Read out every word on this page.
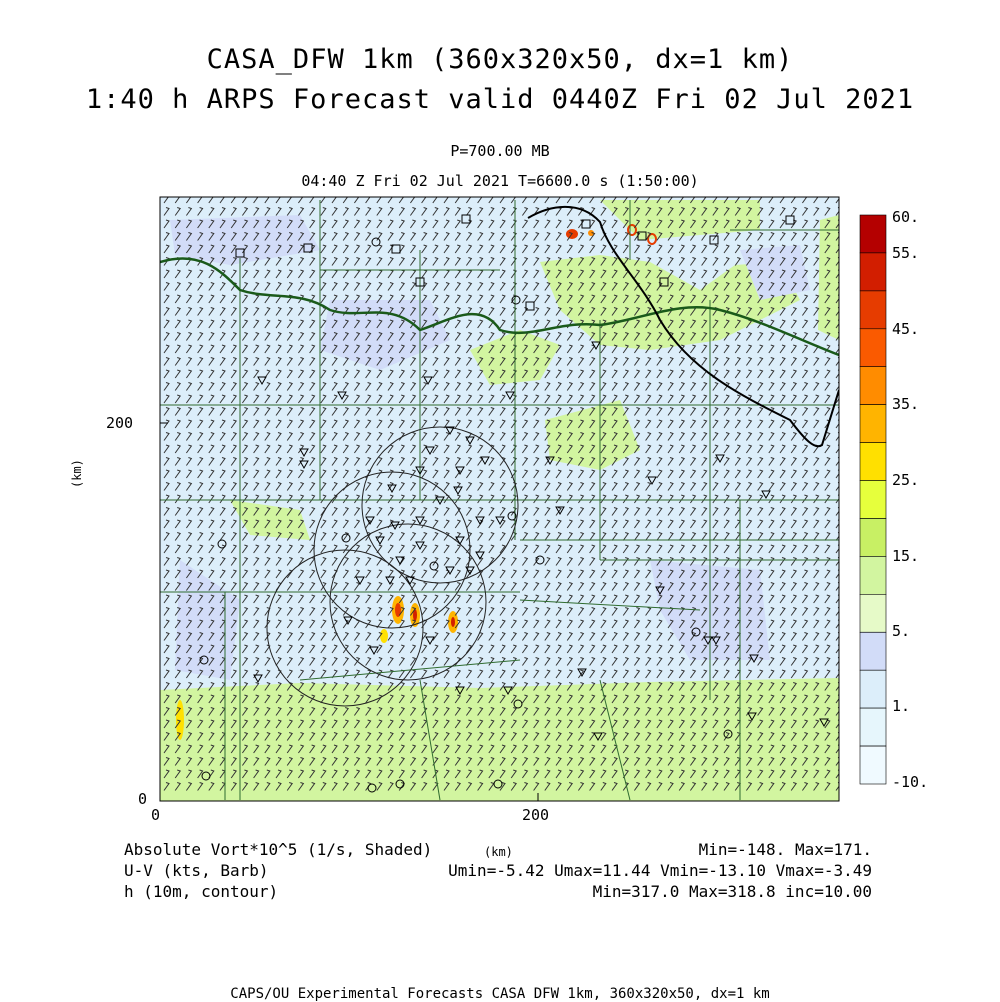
CASA_DFW 1km (360x320x50, dx=1 km)
1:40 h ARPS Forecast valid 0440Z Fri 02 Jul 2021
P=700.00 MB
04:40 Z Fri 02 Jul 2021 T=6600.0 s (1:50:00)
60.
55.
45.
35.
25.
15.
5.
1.
-10.
200
0
0	200
(km)
(km)
Absolute Vort*10^5 (1/s, Shaded)
U-V (kts, Barb)
h (10m, contour)
Min=-148. Max=171.
Umin=-5.42 Umax=11.44 Vmin=-13.10 Vmax=-3.49
Min=317.0 Max=318.8 inc=10.00
CAPS/OU Experimental Forecasts CASA DFW 1km, 360x320x50, dx=1 km
